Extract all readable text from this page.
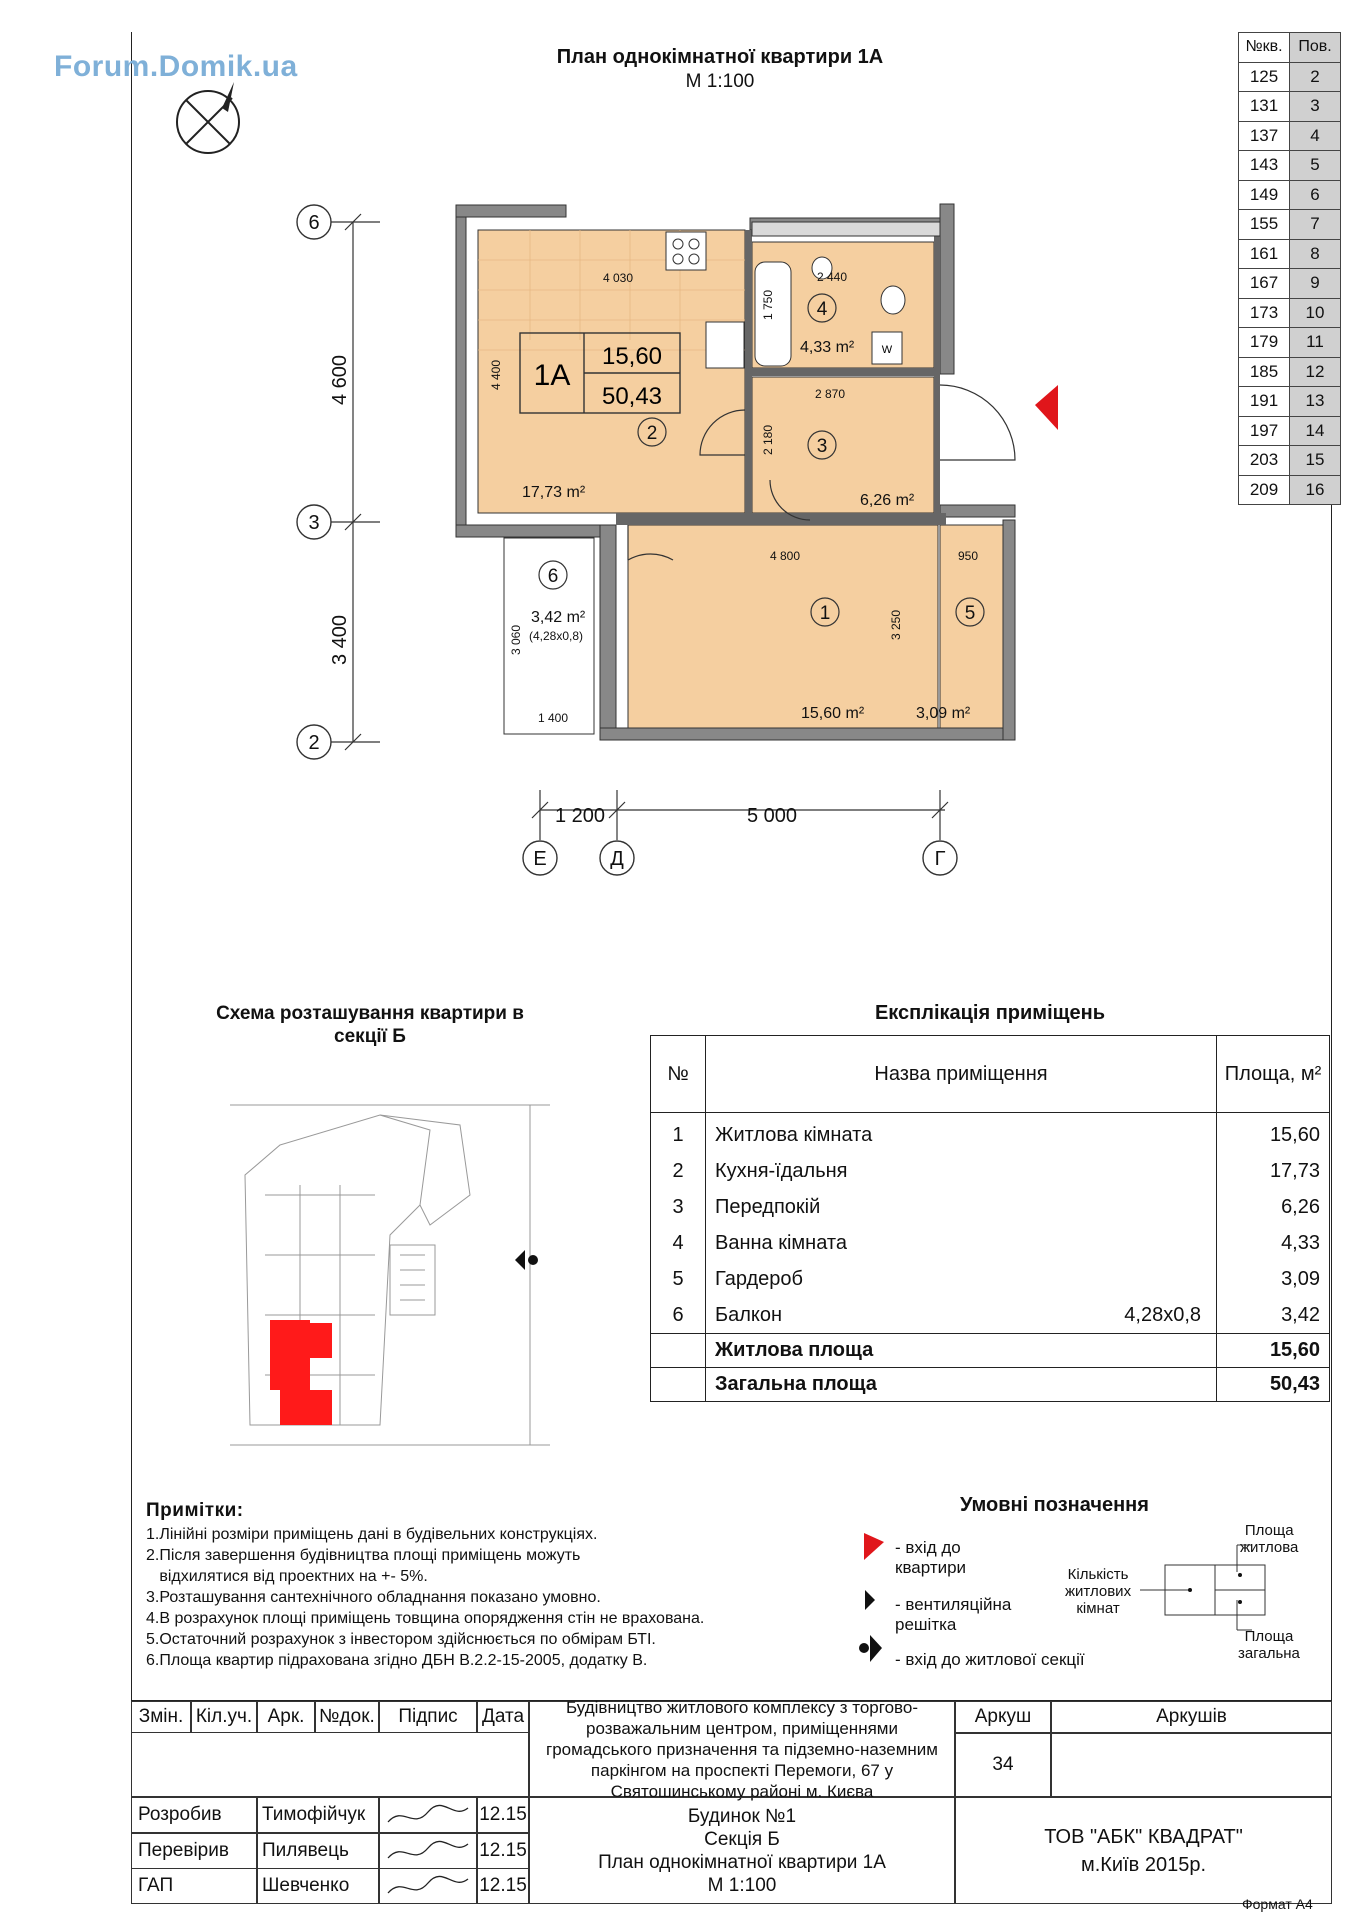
Forum.Domik.ua	План однокімнатної квартири 1А
М 1:100
№кв.	Пов.
125	2
131	3
137	4
143	5
149	6
155	7
161	8
167	9
173	10
179	11
185	12
191	13
197	14
203	15
209	16
6
3
2
Е	Д	Г
4 600
3 400
1 200	5 000
W
1А
15,60
50,43
2
3
4
1	5
6
17,73 m²	6,26 m²
4,33 m²
15,60 m²	3,09 m²
3,42 m²
(4,28x0,8)
4 030
4 400
2 440
1 750
2 870
2 180
4 800	950
3 250
3 060
1 400
Схема розташування квартири в
секції Б
Експлікація приміщень
№	Назва приміщення	Площа, м²
1	Житлова кімната	15,60
2	Кухня-їдальня	17,73
3	Передпокій	6,26
4	Ванна кімната	4,33
5	Гардероб	3,09
6	Балкон 4,28x0,8	3,42
	Житлова площа	15,60
	Загальна площа	50,43
Примітки:
1.Лінійні розміри приміщень дані в будівельних конструкціях.
2.Після завершення будівництва площі приміщень можуть
відхилятися від проектних на +- 5%.
3.Розташування сантехнічного обладнання показано умовно.
4.В розрахунок площі приміщень товщина опорядження стін не врахована.
5.Остаточний розрахунок з інвестором здійснюється по обмірам БТІ.
6.Площа квартир підрахована згідно ДБН В.2.2-15-2005, додатку В.
Умовні позначення
- вхід до
квартири
- вентиляційна
решітка
- вхід до житлової секції
Кількість
житлових
кімнат
Площа
житлова
Площа
загальна
Змін. Кіл.уч. Арк. №док.	Підпис	Дата	Будівництво житлового комплексу з торгово-розважальним центром, приміщеннями громадського призначення та підземно-наземним паркінгом на проспекті Перемоги, 67 у Святошинському районі м. Києва
Аркуш	Аркушів
34
Розробив	Тимофійчук	12.15
Перевірив	Пилявець	12.15
ГАП	Шевченко	12.15
Будинок №1
Секція Б
План однокімнатної квартири 1А
М 1:100
ТОВ "АБК" КВАДРАТ"
м.Київ 2015р.
Формат А4
